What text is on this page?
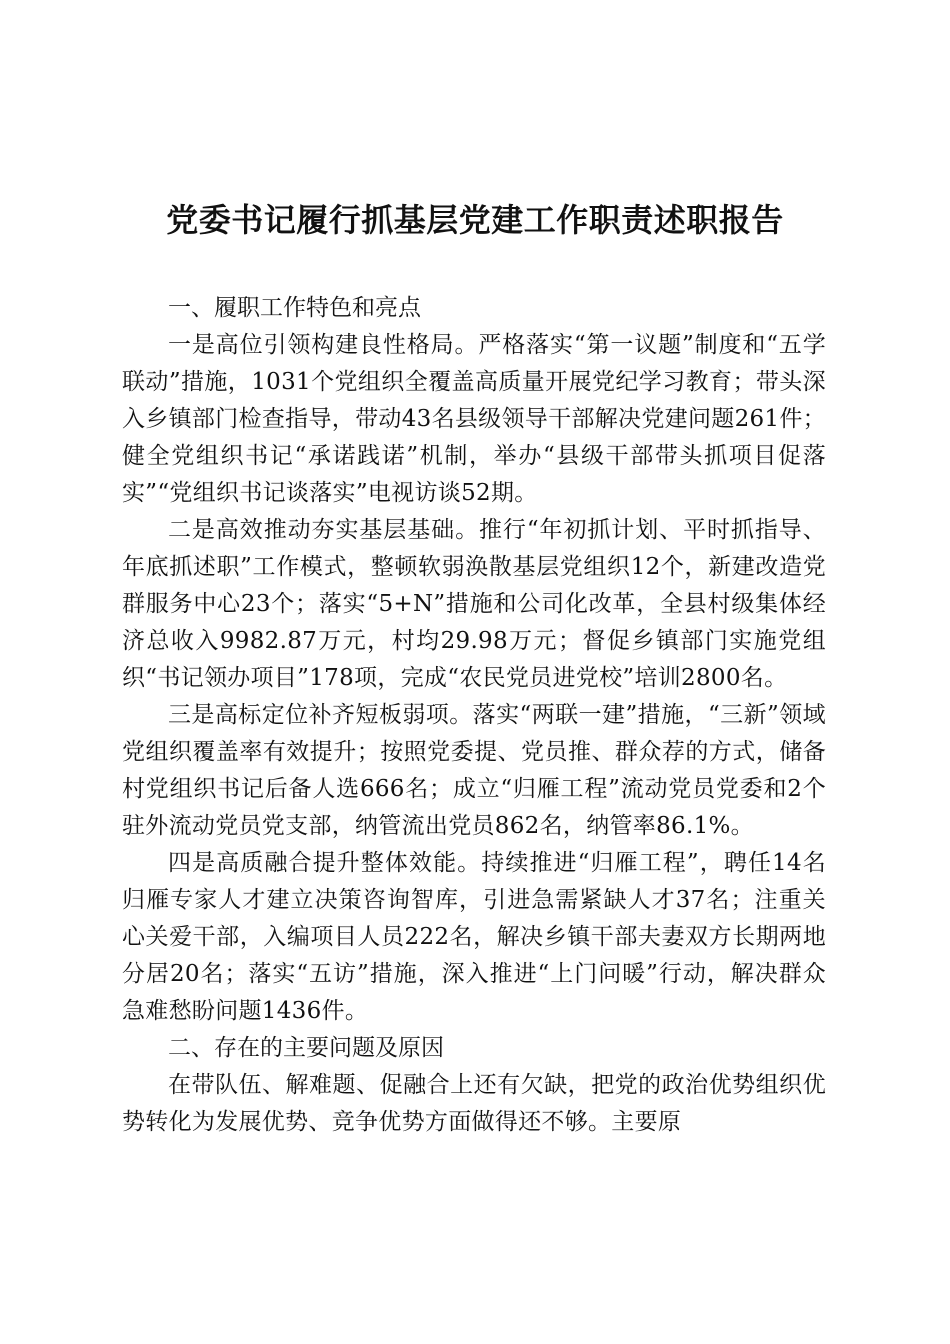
党委书记履行抓基层党建工作职责述职报告
一、履职工作特色和亮点

一是高位引领构建良性格局。严格落实“第一议题”制度和“五学联动”措施，1031个党组织全覆盖高质量开展党纪学习教育；带头深入乡镇部门检查指导，带动43名县级领导干部解决党建问题261件；健全党组织书记“承诺践诺”机制，举办“县级干部带头抓项目促落实”“党组织书记谈落实”电视访谈52期。

二是高效推动夯实基层基础。推行“年初抓计划、平时抓指导、年底抓述职”工作模式，整顿软弱涣散基层党组织12个，新建改造党群服务中心23个；落实“5+N”措施和公司化改革，全县村级集体经济总收入9982.87万元，村均29.98万元；督促乡镇部门实施党组织“书记领办项目”178项，完成“农民党员进党校”培训2800名。

三是高标定位补齐短板弱项。落实“两联一建”措施，“三新”领域党组织覆盖率有效提升；按照党委提、党员推、群众荐的方式，储备村党组织书记后备人选666名；成立“归雁工程”流动党员党委和2个驻外流动党员党支部，纳管流出党员862名，纳管率86.1%。

四是高质融合提升整体效能。持续推进“归雁工程”，聘任14名归雁专家人才建立决策咨询智库，引进急需紧缺人才37名；注重关心关爱干部，入编项目人员222名，解决乡镇干部夫妻双方长期两地分居20名；落实“五访”措施，深入推进“上门问暖”行动，解决群众急难愁盼问题1436件。

二、存在的主要问题及原因

在带队伍、解难题、促融合上还有欠缺，把党的政治优势组织优势转化为发展优势、竞争优势方面做得还不够。主要原
